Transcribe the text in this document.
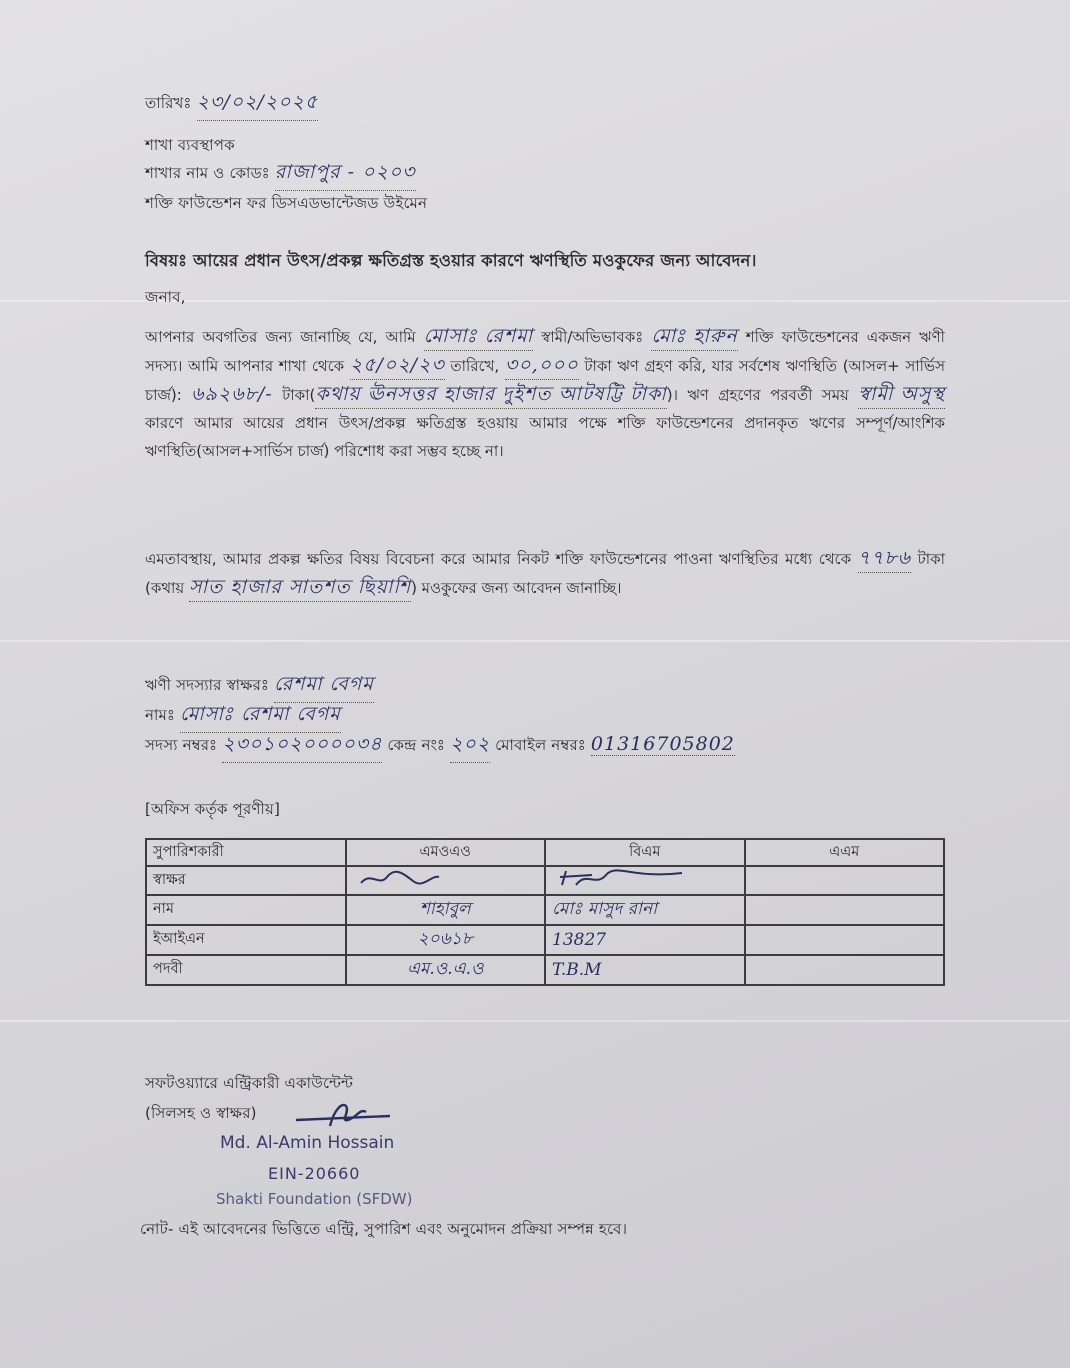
তারিখঃ ২৩/০২/২০২৫
শাখা ব্যবস্থাপক
শাখার নাম ও কোডঃ রাজাপুর - ০২০৩
শক্তি ফাউন্ডেশন ফর ডিসএডভান্টেজড উইমেন
বিষয়ঃ আয়ের প্রধান উৎস/প্রকল্প ক্ষতিগ্রস্ত হওয়ার কারণে ঋণস্থিতি মওকুফের জন্য আবেদন।
জনাব,
আপনার অবগতির জন্য জানাচ্ছি যে, আমি মোসাঃ রেশমা স্বামী/অভিভাবকঃ মোঃ হারুন শক্তি ফাউন্ডেশনের একজন ঋণী সদস্য। আমি আপনার শাখা থেকে ২৫/০২/২৩ তারিখে, ৩০,০০০ টাকা ঋণ গ্রহণ করি, যার সর্বশেষ ঋণস্থিতি (আসল+ সার্ভিস চার্জ): ৬৯২৬৮/- টাকা(কথায় ঊনসত্তর হাজার দুইশত আটষট্টি টাকা)। ঋণ গ্রহণের পরবর্তী সময় স্বামী অসুস্থ কারণে আমার আয়ের প্রধান উৎস/প্রকল্প ক্ষতিগ্রস্ত হওয়ায় আমার পক্ষে শক্তি ফাউন্ডেশনের প্রদানকৃত ঋণের সম্পূর্ণ/আংশিক ঋণস্থিতি(আসল+সার্ভিস চার্জ) পরিশোধ করা সম্ভব হচ্ছে না।
এমতাবস্থায়, আমার প্রকল্প ক্ষতির বিষয় বিবেচনা করে আমার নিকট শক্তি ফাউন্ডেশনের পাওনা ঋণস্থিতির মধ্যে থেকে ৭৭৮৬ টাকা (কথায় সাত হাজার সাতশত ছিয়াশি) মওকুফের জন্য আবেদন জানাচ্ছি।
ঋণী সদস্যার স্বাক্ষরঃ রেশমা বেগম
নামঃ মোসাঃ রেশমা বেগম
সদস্য নম্বরঃ ২৩০১০২০০০০৩৪ কেন্দ্র নংঃ ২০২ মোবাইল নম্বরঃ 01316705802
[অফিস কর্তৃক পূরণীয়]
সুপারিশকারী	এমওএও	বিএম	এএম
স্বাক্ষর			
নাম	শাহাবুল	মোঃ মাসুদ রানা	
ইআইএন	২০৬১৮	13827	
পদবী	এম.ও.এ.ও	T.B.M	
সফটওয়্যারে এন্ট্রিকারী একাউন্টেন্ট
(সিলসহ ও স্বাক্ষর)
Md. Al-Amin Hossain
EIN-20660
Shakti Foundation (SFDW)
নোট- এই আবেদনের ভিত্তিতে এন্ট্রি, সুপারিশ এবং অনুমোদন প্রক্রিয়া সম্পন্ন হবে।
